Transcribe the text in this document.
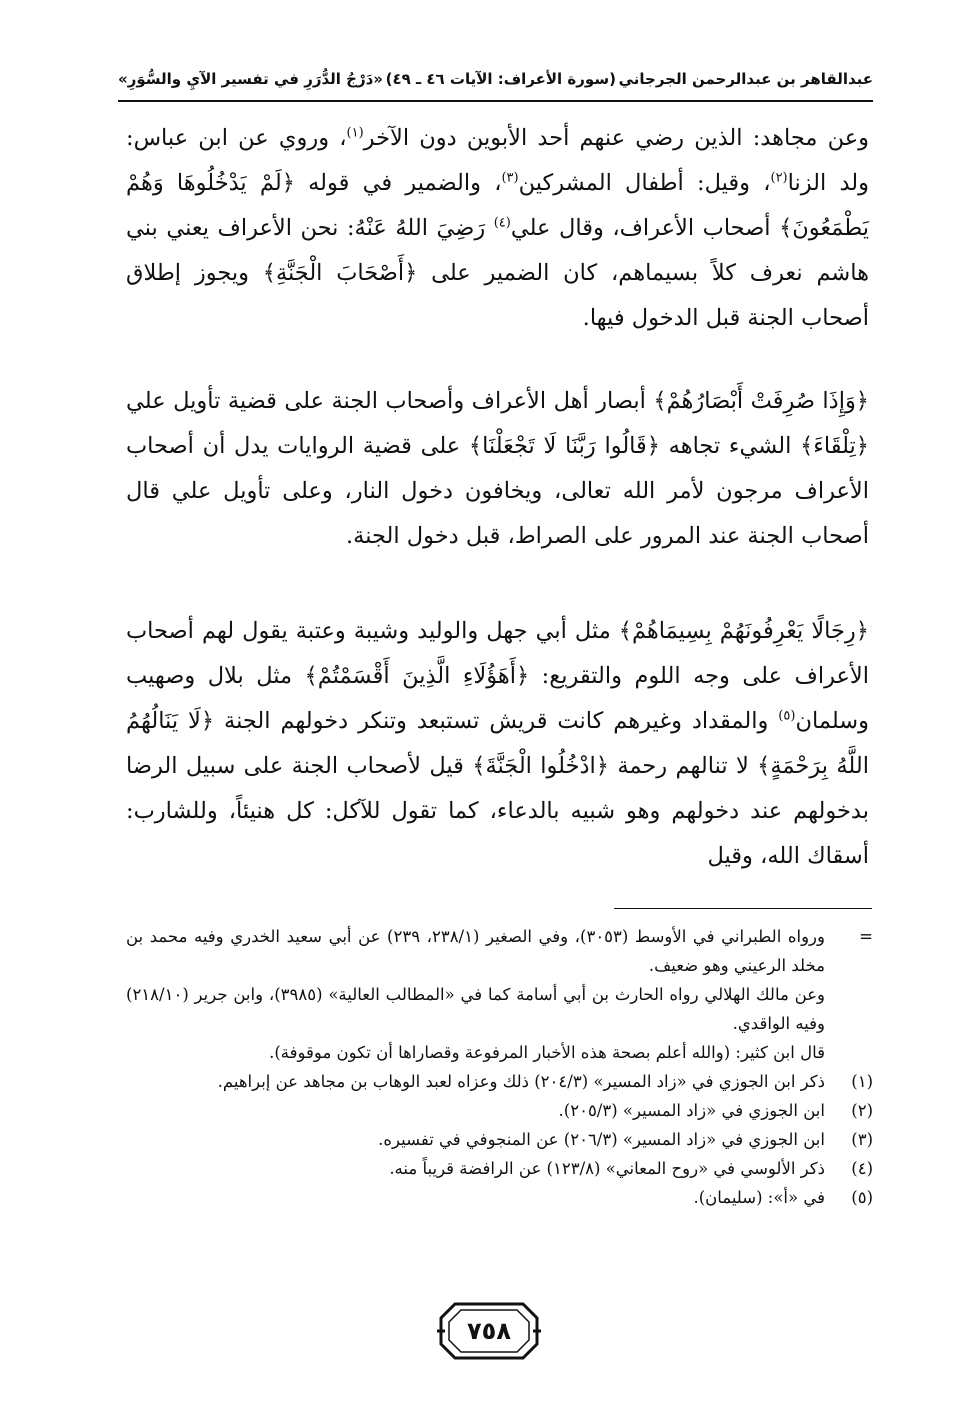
عبدالقاهر بن عبدالرحمن الجرجاني
(سورة الأعراف: الآيات ٤٦ ـ ٤٩)
«دَرْجُ الدُّرَرِ في تفسير الآيِ والسُّوَرِ»

وعن مجاهد: الذين رضي عنهم أحد الأبوين دون الآخر$^{(١)}$، وروي عن ابن عباس: ولد الزنا$^{(٢)}$، وقيل: أطفال المشركين$^{(٣)}$، والضمير في قوله ﴿لَمْ يَدْخُلُوهَا وَهُمْ يَطْمَعُونَ﴾ أصحاب الأعراف، وقال علي$^{(٤)}$ رَضِيَ اللهُ عَنْهُ: نحن الأعراف يعني بني هاشم نعرف كلاً بسيماهم، كان الضمير على ﴿أَصْحَابَ الْجَنَّةِ﴾ ويجوز إطلاق أصحاب الجنة قبل الدخول فيها.

﴿وَإِذَا صُرِفَتْ أَبْصَارُهُمْ﴾ أبصار أهل الأعراف وأصحاب الجنة على قضية تأويل علي ﴿تِلْقَاءَ﴾ الشيء تجاهه ﴿قَالُوا رَبَّنَا لَا تَجْعَلْنَا﴾ على قضية الروايات يدل أن أصحاب الأعراف مرجون لأمر الله تعالى، ويخافون دخول النار، وعلى تأويل علي قال أصحاب الجنة عند المرور على الصراط، قبل دخول الجنة.

﴿رِجَالًا يَعْرِفُونَهُمْ بِسِيمَاهُمْ﴾ مثل أبي جهل والوليد وشيبة وعتبة يقول لهم أصحاب الأعراف على وجه اللوم والتقريع: ﴿أَهَؤُلَاءِ الَّذِينَ أَقْسَمْتُمْ﴾ مثل بلال وصهيب وسلمان$^{(٥)}$ والمقداد وغيرهم كانت قريش تستبعد وتنكر دخولهم الجنة ﴿لَا يَنَالُهُمُ اللَّهُ بِرَحْمَةٍ﴾ لا تنالهم رحمة ﴿ادْخُلُوا الْجَنَّةَ﴾ قيل لأصحاب الجنة على سبيل الرضا بدخولهم عند دخولهم وهو شبيه بالدعاء، كما تقول للآكل: كل هنيئاً، وللشارب: أسقاك الله، وقيل

=
ورواه الطبراني في الأوسط (٣٠٥٣)، وفي الصغير (٢٣٨/١، ٢٣٩) عن أبي سعيد الخدري وفيه محمد بن مخلد الرعيني وهو ضعيف.

وعن مالك الهلالي رواه الحارث بن أبي أسامة كما في «المطالب العالية» (٣٩٨٥)، وابن جرير (٢١٨/١٠) وفيه الواقدي.

قال ابن كثير: (والله أعلم بصحة هذه الأخبار المرفوعة وقصاراها أن تكون موقوفة).

(١)
ذكر ابن الجوزي في «زاد المسير» (٢٠٤/٣) ذلك وعزاه لعبد الوهاب بن مجاهد عن إبراهيم.

(٢)
ابن الجوزي في «زاد المسير» (٢٠٥/٣).

(٣)
ابن الجوزي في «زاد المسير» (٢٠٦/٣) عن المنجوفي في تفسيره.

(٤)
ذكر الألوسي في «روح المعاني» (١٢٣/٨) عن الرافضة قريباً منه.

(٥)
في «أ»: (سليمان).

٧٥٨
